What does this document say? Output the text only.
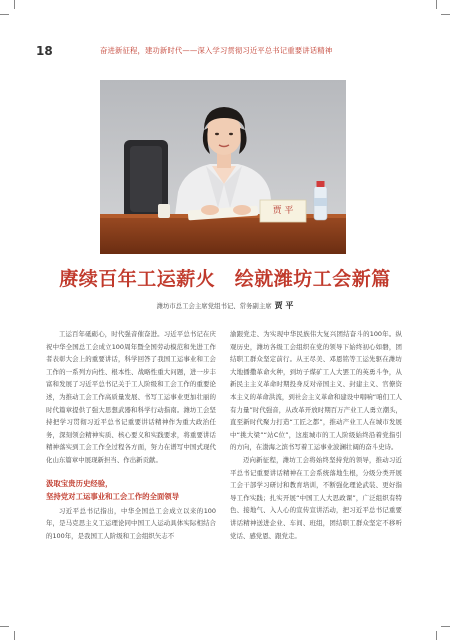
18	奋进新征程，建功新时代——深入学习贯彻习近平总书记重要讲话精神
贾 平
赓续百年工运薪火　绘就潍坊工会新篇
潍坊市总工会主席党组书记、常务副主席 贾 平

工运百年砥砺心，时代强音催奋进。习近平总书记在庆祝中华全国总工会成立100周年暨全国劳动模范和先进工作者表彰大会上的重要讲话，科学回答了我国工运事业和工会工作的一系列方向性、根本性、战略性重大问题，进一步丰富和发展了习近平总书记关于工人阶级和工会工作的重要论述，为推动工会工作高质量发展、书写工运事业更加壮丽的时代篇章提供了强大思想武器和科学行动指南。潍坊工会坚持把学习贯彻习近平总书记重要讲话精神作为重大政治任务，深刻领会精神实质、核心要义和实践要求，将重要讲话精神落实到工会工作全过程各方面，努力在谱写中国式现代化山东篇章中展现新担当、作出新贡献。

汲取宝贵历史经验，
坚持党对工运事业和工会工作的全面领导

习近平总书记指出，中华全国总工会成立以来的100年，是马克思主义工运理论同中国工人运动具体实际相结合的100年，是我国工人阶级和工会组织矢志不

渝跟党走、为实现中华民族伟大复兴团结奋斗的100年。纵观历史，潍坊各级工会组织在党的领导下始终初心如磐，团结职工群众坚定前行。从王尽美、邓恩铭等工运先驱在潍坊大地播撒革命火种，到坊子煤矿工人大罢工的英勇斗争，从新民主主义革命时期投身反对帝国主义、封建主义、官僚资本主义的革命洪流，到社会主义革命和建设中唱响“咱们工人有力量”时代强音，从改革开放时期百万产业工人勇立潮头，直至新时代聚力打造“工匠之都”，推动产业工人在城市发展中“挑大梁”“站C位”，这座城市的工人阶级始终沿着党指引的方向，在渤海之滨书写着工运事业波澜壮阔的奋斗史诗。

迈向新征程，潍坊工会将始终坚持党的领导，推动习近平总书记重要讲话精神在工会系统落地生根，分级分类开展工会干部学习研讨和教育培训，不断强化理论武装、更好指导工作实践；扎实开展“中国工人大思政课”，广泛组织有特色、接地气、入人心的宣传宣讲活动，把习近平总书记重要讲话精神送进企业、车间、班组，团结职工群众坚定不移听党话、感党恩、跟党走。
